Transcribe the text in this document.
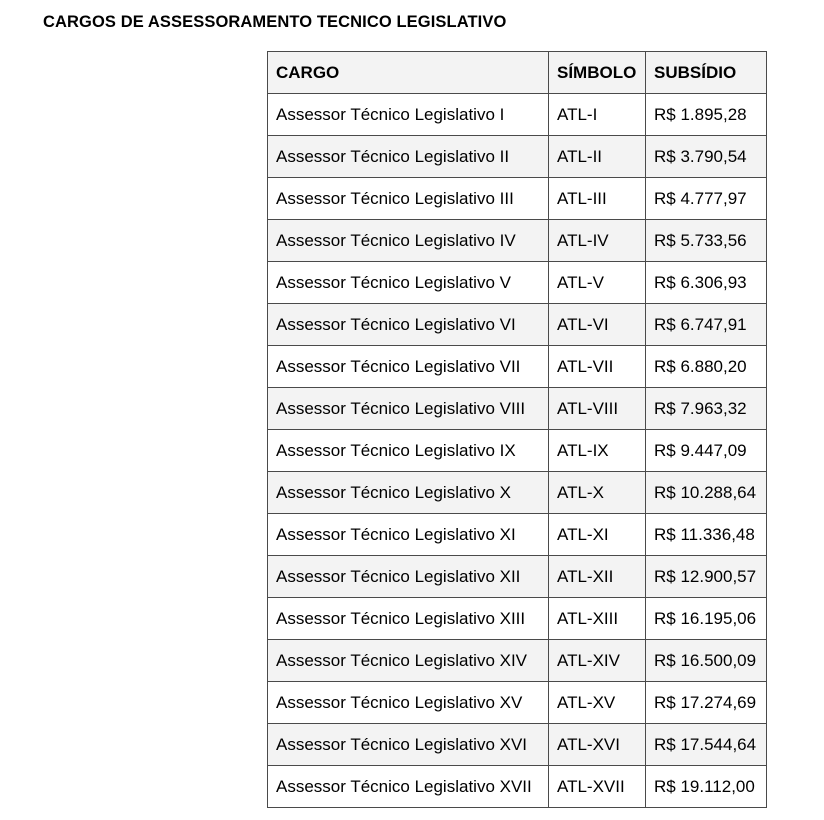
CARGOS DE ASSESSORAMENTO TECNICO LEGISLATIVO
CARGO	SÍMBOLO	SUBSÍDIO
Assessor Técnico Legislativo I	ATL-I	R$ 1.895,28
Assessor Técnico Legislativo II	ATL-II	R$ 3.790,54
Assessor Técnico Legislativo III	ATL-III	R$ 4.777,97
Assessor Técnico Legislativo IV	ATL-IV	R$ 5.733,56
Assessor Técnico Legislativo V	ATL-V	R$ 6.306,93
Assessor Técnico Legislativo VI	ATL-VI	R$ 6.747,91
Assessor Técnico Legislativo VII	ATL-VII	R$ 6.880,20
Assessor Técnico Legislativo VIII	ATL-VIII	R$ 7.963,32
Assessor Técnico Legislativo IX	ATL-IX	R$ 9.447,09
Assessor Técnico Legislativo X	ATL-X	R$ 10.288,64
Assessor Técnico Legislativo XI	ATL-XI	R$ 11.336,48
Assessor Técnico Legislativo XII	ATL-XII	R$ 12.900,57
Assessor Técnico Legislativo XIII	ATL-XIII	R$ 16.195,06
Assessor Técnico Legislativo XIV	ATL-XIV	R$ 16.500,09
Assessor Técnico Legislativo XV	ATL-XV	R$ 17.274,69
Assessor Técnico Legislativo XVI	ATL-XVI	R$ 17.544,64
Assessor Técnico Legislativo XVII	ATL-XVII	R$ 19.112,00
